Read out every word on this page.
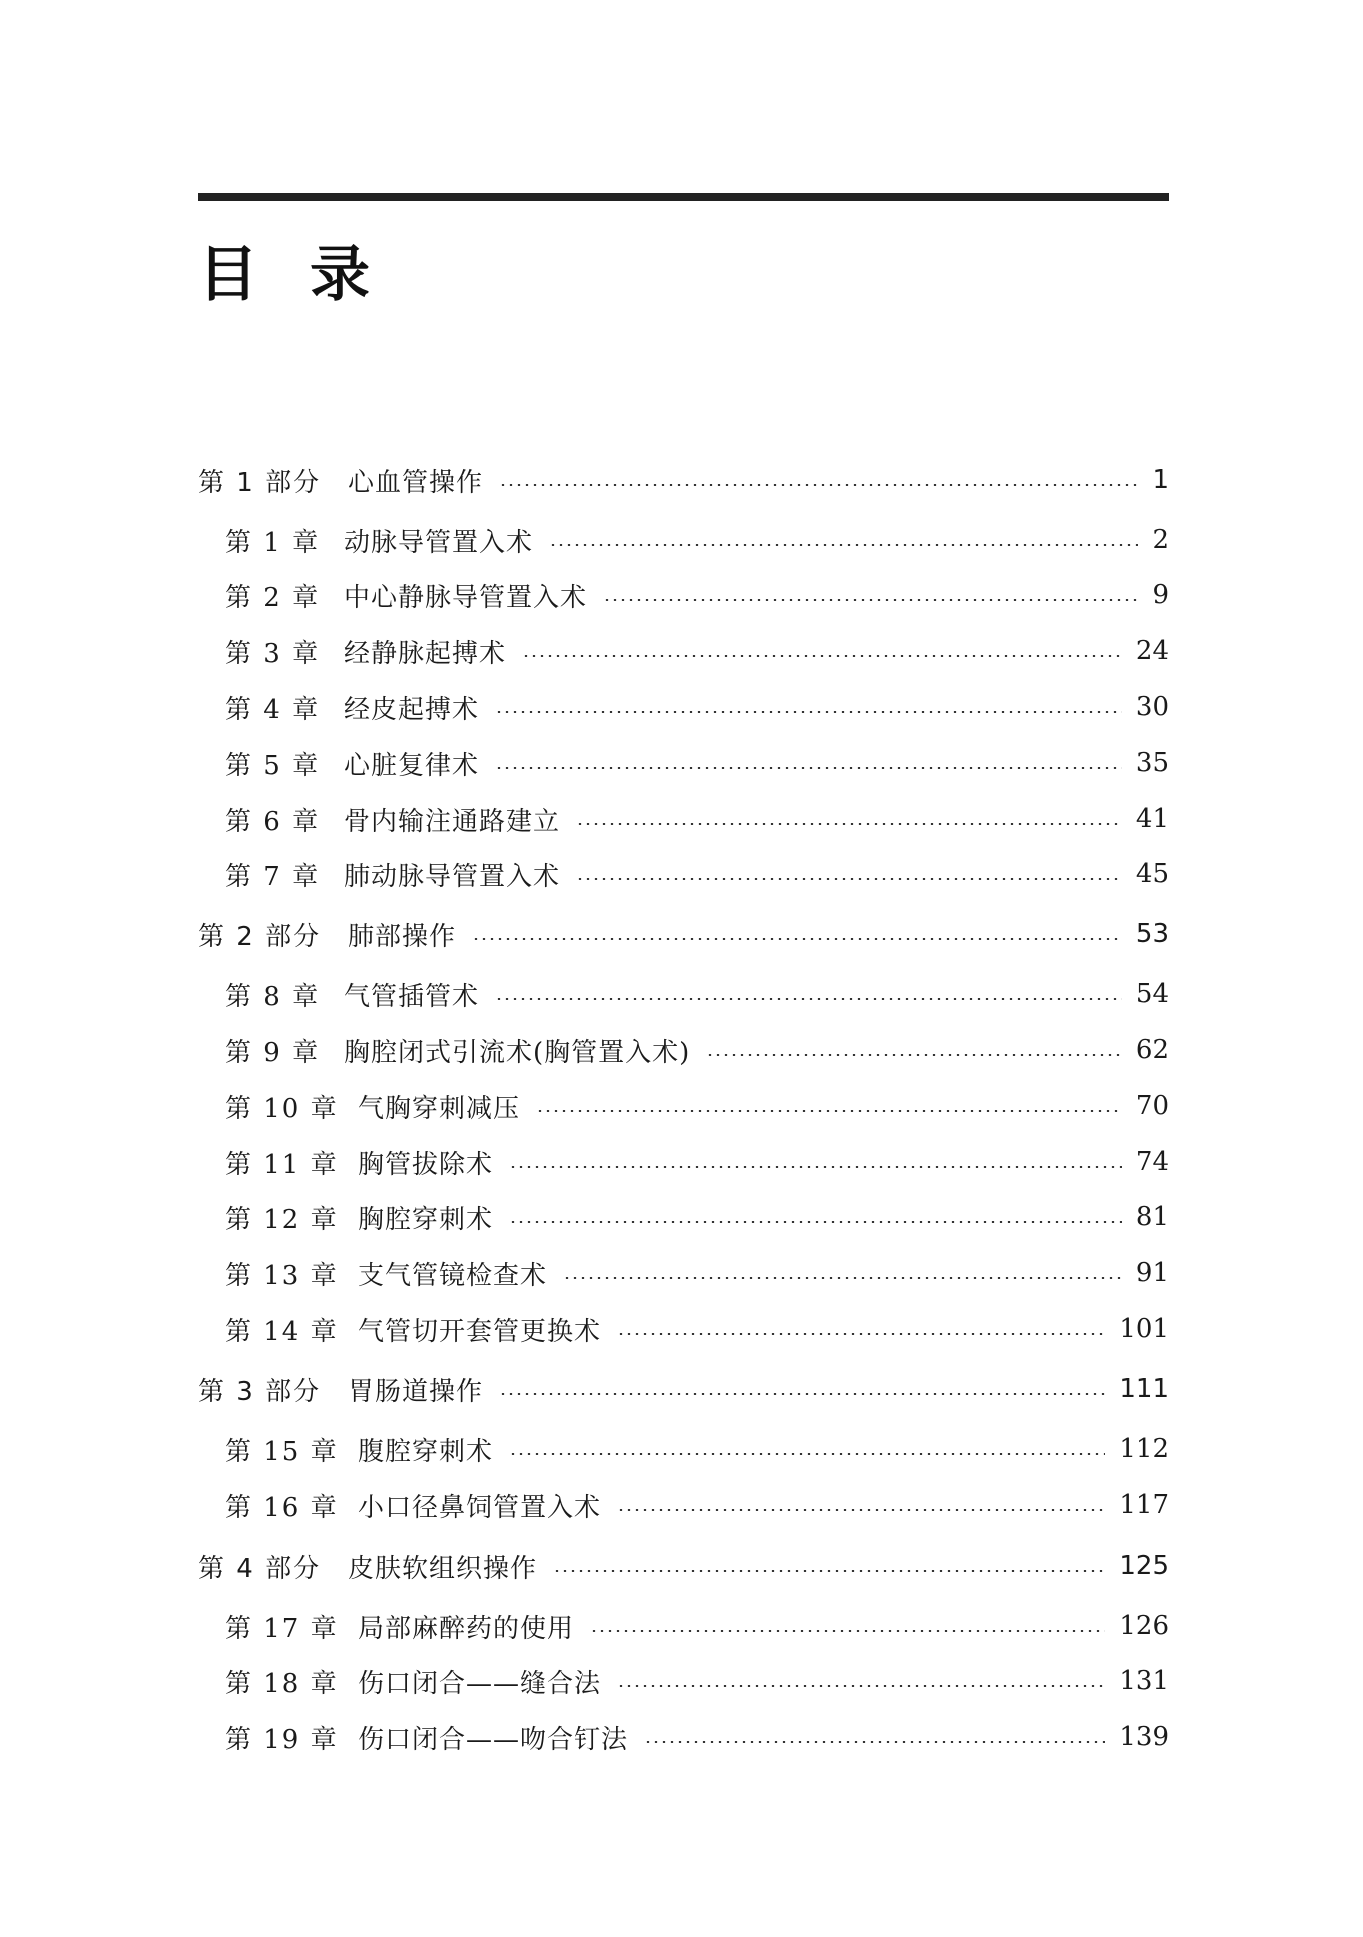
目录
第 1 部分 心血管操作	1
第 1 章 动脉导管置入术	2
第 2 章 中心静脉导管置入术	9
第 3 章 经静脉起搏术	24
第 4 章 经皮起搏术	30
第 5 章 心脏复律术	35
第 6 章 骨内输注通路建立	41
第 7 章 肺动脉导管置入术	45
第 2 部分 肺部操作	53
第 8 章 气管插管术	54
第 9 章 胸腔闭式引流术(胸管置入术)	62
第 10 章 气胸穿刺减压	70
第 11 章 胸管拔除术	74
第 12 章 胸腔穿刺术	81
第 13 章 支气管镜检查术	91
第 14 章 气管切开套管更换术	101
第 3 部分 胃肠道操作	111
第 15 章 腹腔穿刺术	112
第 16 章 小口径鼻饲管置入术	117
第 4 部分 皮肤软组织操作	125
第 17 章 局部麻醉药的使用	126
第 18 章 伤口闭合——缝合法	131
第 19 章 伤口闭合——吻合钉法	139
